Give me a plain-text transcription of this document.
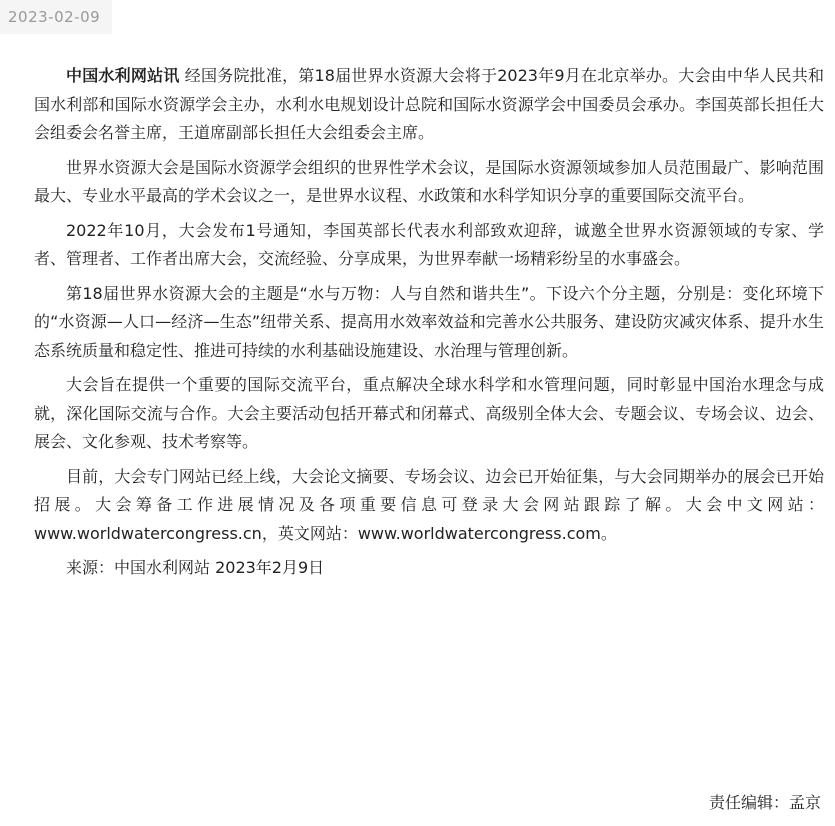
2023-02-09

中国水利网站讯 经国务院批准，第18届世界水资源大会将于2023年9月在北京举办。大会由中华人民共和国水利部和国际水资源学会主办，水利水电规划设计总院和国际水资源学会中国委员会承办。李国英部长担任大会组委会名誉主席，王道席副部长担任大会组委会主席。

世界水资源大会是国际水资源学会组织的世界性学术会议，是国际水资源领域参加人员范围最广、影响范围最大、专业水平最高的学术会议之一，是世界水议程、水政策和水科学知识分享的重要国际交流平台。

2022年10月，大会发布1号通知，李国英部长代表水利部致欢迎辞，诚邀全世界水资源领域的专家、学者、管理者、工作者出席大会，交流经验、分享成果，为世界奉献一场精彩纷呈的水事盛会。

第18届世界水资源大会的主题是“水与万物：人与自然和谐共生”。下设六个分主题，分别是：变化环境下的“水资源—人口—经济—生态”纽带关系、提高用水效率效益和完善水公共服务、建设防灾减灾体系、提升水生态系统质量和稳定性、推进可持续的水利基础设施建设、水治理与管理创新。

大会旨在提供一个重要的国际交流平台，重点解决全球水科学和水管理问题，同时彰显中国治水理念与成就，深化国际交流与合作。大会主要活动包括开幕式和闭幕式、高级别全体大会、专题会议、专场会议、边会、展会、文化参观、技术考察等。

目前，大会专门网站已经上线，大会论文摘要、专场会议、边会已开始征集，与大会同期举办的展会已开始招展。大会筹备工作进展情况及各项重要信息可登录大会网站跟踪了解。大会中文网站：www.worldwatercongress.cn，英文网站：www.worldwatercongress.com。

来源：中国水利网站 2023年2月9日

责任编辑：孟京
